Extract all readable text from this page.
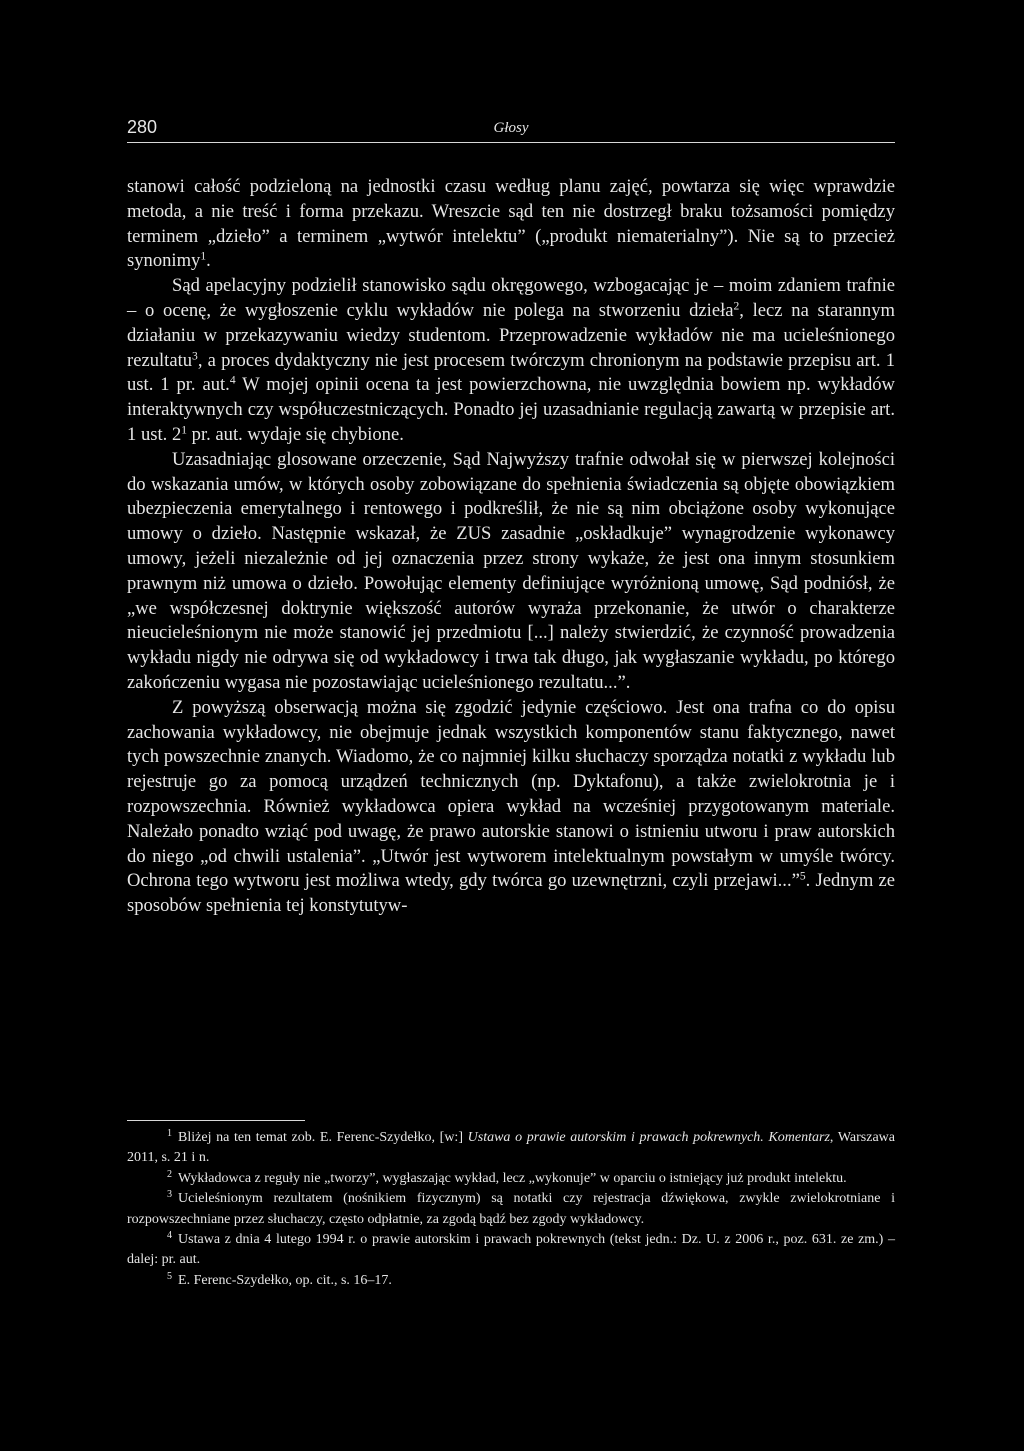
280	Głosy

stanowi całość podzieloną na jednostki czasu według planu zajęć, powtarza się więc wprawdzie metoda, a nie treść i forma przekazu. Wreszcie sąd ten nie dostrzegł braku tożsamości pomiędzy terminem „dzieło” a terminem „wytwór intelektu” („produkt niematerialny”). Nie są to przecież synonimy$^1$.

Sąd apelacyjny podzielił stanowisko sądu okręgowego, wzbogacając je – moim zdaniem trafnie – o ocenę, że wygłoszenie cyklu wykładów nie polega na stworzeniu dzieła$^2$, lecz na starannym działaniu w przekazywaniu wiedzy studentom. Przeprowadzenie wykładów nie ma ucieleśnionego rezultatu$^3$, a proces dydaktyczny nie jest procesem twórczym chronionym na podstawie przepisu art. 1 ust. 1 pr. aut.$^4$ W mojej opinii ocena ta jest powierzchowna, nie uwzględnia bowiem np. wykładów interaktywnych czy współuczestniczących. Ponadto jej uzasadnianie regulacją zawartą w przepisie art. 1 ust. $2^1$ pr. aut. wydaje się chybione.

Uzasadniając glosowane orzeczenie, Sąd Najwyższy trafnie odwołał się w pierwszej kolejności do wskazania umów, w których osoby zobowiązane do spełnienia świadczenia są objęte obowiązkiem ubezpieczenia emerytalnego i rentowego i podkreślił, że nie są nim obciążone osoby wykonujące umowy o dzieło. Następnie wskazał, że ZUS zasadnie „oskładkuje” wynagrodzenie wykonawcy umowy, jeżeli niezależnie od jej oznaczenia przez strony wykaże, że jest ona innym stosunkiem prawnym niż umowa o dzieło. Powołując elementy definiujące wyróżnioną umowę, Sąd podniósł, że „we współczesnej doktrynie większość autorów wyraża przekonanie, że utwór o charakterze nieucieleśnionym nie może stanowić jej przedmiotu [...] należy stwierdzić, że czynność prowadzenia wykładu nigdy nie odrywa się od wykładowcy i trwa tak długo, jak wygłaszanie wykładu, po którego zakończeniu wygasa nie pozostawiając ucieleśnionego rezultatu...”.

Z powyższą obserwacją można się zgodzić jedynie częściowo. Jest ona trafna co do opisu zachowania wykładowcy, nie obejmuje jednak wszystkich komponentów stanu faktycznego, nawet tych powszechnie znanych. Wiadomo, że co najmniej kilku słuchaczy sporządza notatki z wykładu lub rejestruje go za pomocą urządzeń technicznych (np. Dyktafonu), a także zwielokrotnia je i rozpowszechnia. Również wykładowca opiera wykład na wcześniej przygotowanym materiale. Należało ponadto wziąć pod uwagę, że prawo autorskie stanowi o istnieniu utworu i praw autorskich do niego „od chwili ustalenia”. „Utwór jest wytworem intelektualnym powstałym w umyśle twórcy. Ochrona tego wytworu jest możliwa wtedy, gdy twórca go uzewnętrzni, czyli przejawi...”$^5$. Jednym ze sposobów spełnienia tej konstytutyw-

$^1$ Bliżej na ten temat zob. E. Ferenc-Szydełko, [w:] Ustawa o prawie autorskim i prawach pokrewnych. Komentarz, Warszawa 2011, s. 21 i n.

$^2$ Wykładowca z reguły nie „tworzy”, wygłaszając wykład, lecz „wykonuje” w oparciu o istniejący już produkt intelektu.

$^3$ Ucieleśnionym rezultatem (nośnikiem fizycznym) są notatki czy rejestracja dźwiękowa, zwykle zwielokrotniane i rozpowszechniane przez słuchaczy, często odpłatnie, za zgodą bądź bez zgody wykładowcy.

$^4$ Ustawa z dnia 4 lutego 1994 r. o prawie autorskim i prawach pokrewnych (tekst jedn.: Dz. U. z 2006 r., poz. 631. ze zm.) – dalej: pr. aut.

$^5$ E. Ferenc-Szydełko, op. cit., s. 16–17.
